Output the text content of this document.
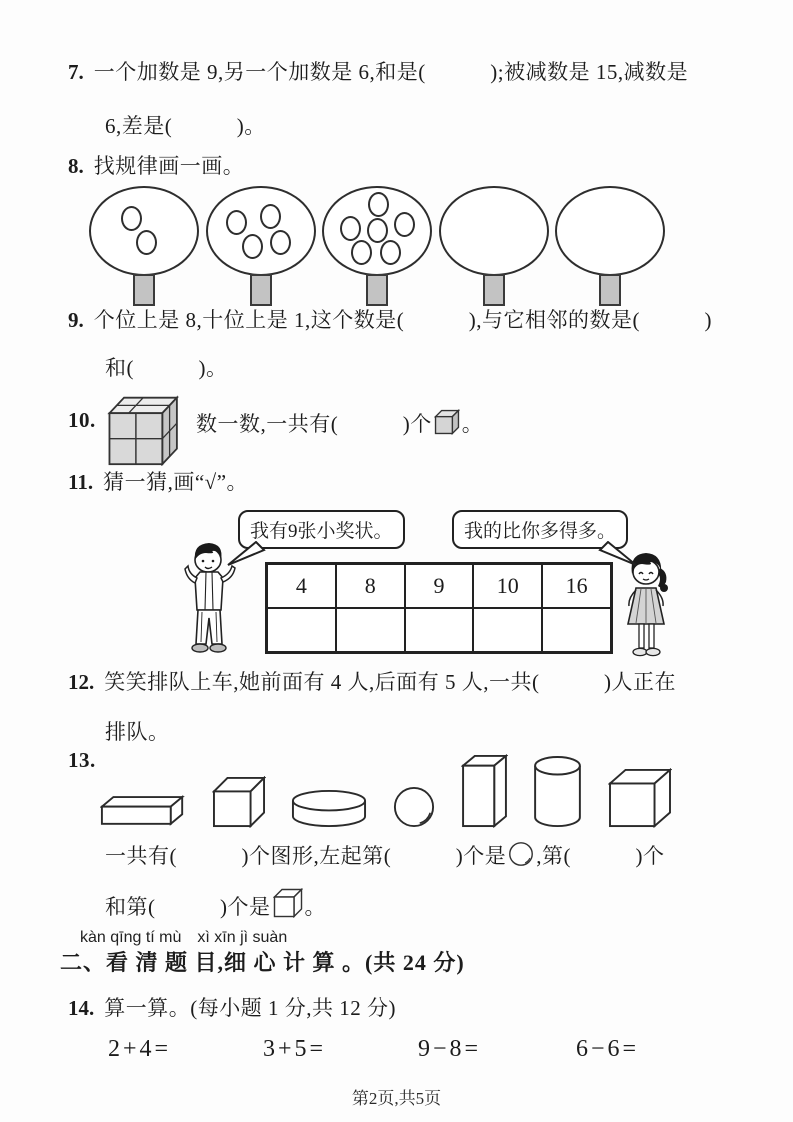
7. 一个加数是 9,另一个加数是 6,和是(　　　);被减数是 15,减数是
6,差是(　　　)。
8. 找规律画一画。
9. 个位上是 8,十位上是 1,这个数是(　　　),与它相邻的数是(　　　)
和(　　　)。
10.	数一数,一共有(　　　)个 。
11. 猜一猜,画“√”。
我有9张小奖状。	我的比你多得多。
4	8	9	10	16
12. 笑笑排队上车,她前面有 4 人,后面有 5 人,一共(　　　)人正在
排队。
13.
一共有(　　　)个图形,左起第(　　　)个是 ,第(　　　)个
和第(　　　)个是 。
kàn qīng tí mù　xì xīn jì suàn
二、看 清 题 目,细 心 计 算 。(共 24 分)
14. 算一算。(每小题 1 分,共 12 分)
2+4=	3+5=	9−8=	6−6=
第2页,共5页
